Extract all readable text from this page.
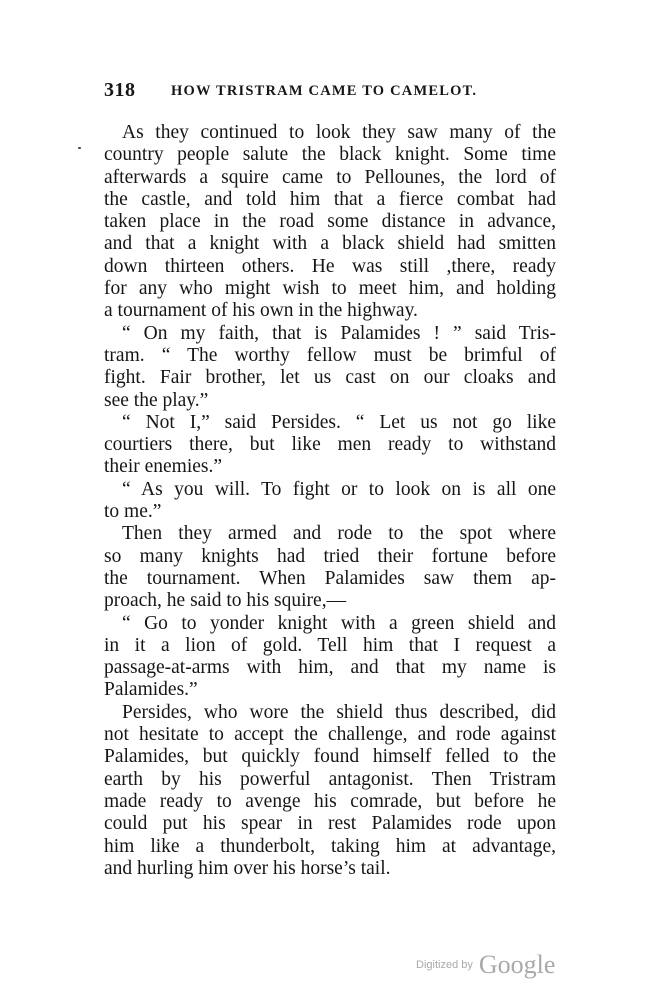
318 HOW TRISTRAM CAME TO CAMELOT.
As they continued to look they saw many of the
country people salute the black knight. Some time
afterwards a squire came to Pellounes, the lord of
the castle, and told him that a fierce combat had
taken place in the road some distance in advance,
and that a knight with a black shield had smitten
down thirteen others. He was still ,there, ready
for any who might wish to meet him, and holding
a tournament of his own in the highway.
“ On my faith, that is Palamides ! ” said Tris-
tram. “ The worthy fellow must be brimful of
fight. Fair brother, let us cast on our cloaks and
see the play.”
“ Not I,” said Persides. “ Let us not go like
courtiers there, but like men ready to withstand
their enemies.”
“ As you will. To fight or to look on is all one
to me.”
Then they armed and rode to the spot where
so many knights had tried their fortune before
the tournament. When Palamides saw them ap-
proach, he said to his squire,—
“ Go to yonder knight with a green shield and
in it a lion of gold. Tell him that I request a
passage-at-arms with him, and that my name is
Palamides.”
Persides, who wore the shield thus described, did
not hesitate to accept the challenge, and rode against
Palamides, but quickly found himself felled to the
earth by his powerful antagonist. Then Tristram
made ready to avenge his comrade, but before he
could put his spear in rest Palamides rode upon
him like a thunderbolt, taking him at advantage,
and hurling him over his horse’s tail.
Digitized by Google
